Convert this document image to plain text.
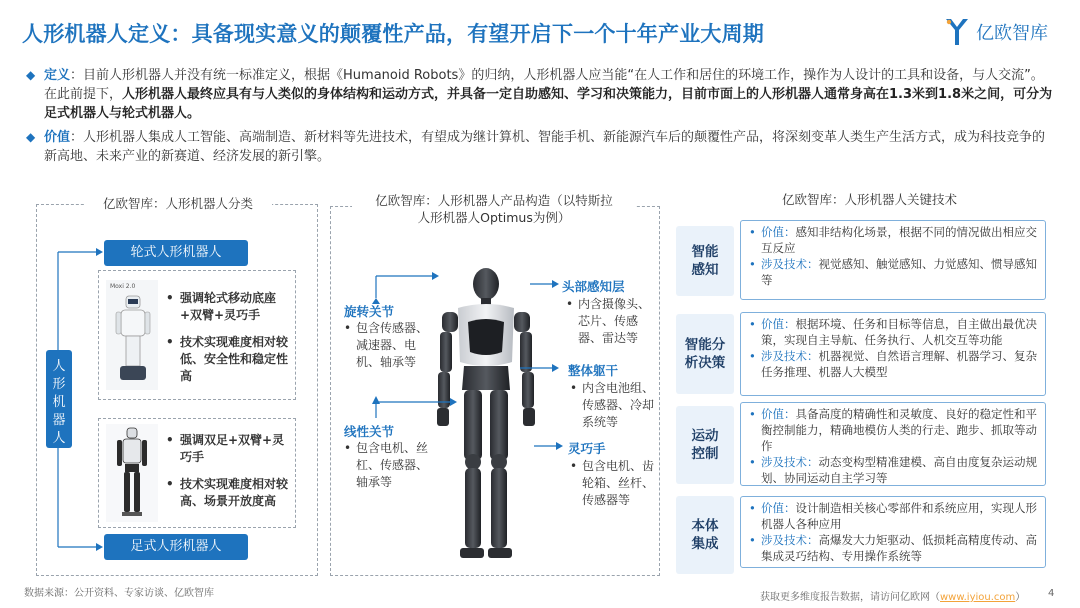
人形机器人定义：具备现实意义的颠覆性产品，有望开启下一个十年产业大周期	亿欧智库
◆ 定义：目前人形机器人并没有统一标准定义，根据《Humanoid Robots》的归纳，人形机器人应当能“在人工作和居住的环境工作，操作为人设计的工具和设备，与人交流”。在此前提下，人形机器人最终应具有与人类似的身体结构和运动方式，并具备一定自助感知、学习和决策能力，目前市面上的人形机器人通常身高在1.3米到1.8米之间，可分为足式机器人与轮式机器人。
◆ 价值：人形机器人集成人工智能、高端制造、新材料等先进技术，有望成为继计算机、智能手机、新能源汽车后的颠覆性产品，将深刻变革人类生产生活方式，成为科技竞争的新高地、未来产业的新赛道、经济发展的新引擎。
亿欧智库：人形机器人分类
人形机器人
轮式人形机器人
Moxi 2.0
• 强调轮式移动底座+双臂+灵巧手
• 技术实现难度相对较低、安全性和稳定性高
• 强调双足+双臂+灵巧手
• 技术实现难度相对较高、场景开放度高
足式人形机器人
亿欧智库：人形机器人产品构造（以特斯拉
人形机器人Optimus为例）
旋转关节
• 包含传感器、减速器、电机、轴承等
线性关节
• 包含电机、丝杠、传感器、轴承等
头部感知层
• 内含摄像头、芯片、传感器、雷达等
整体躯干
• 内含电池组、传感器、冷却系统等
灵巧手
• 包含电机、齿轮箱、丝杆、传感器等
亿欧智库：人形机器人关键技术
智能感知
• 价值：感知非结构化场景，根据不同的情况做出相应交互反应
• 涉及技术：视觉感知、触觉感知、力觉感知、惯导感知等
智能分析决策
• 价值：根据环境、任务和目标等信息，自主做出最优决策，实现自主导航、任务执行、人机交互等功能
• 涉及技术：机器视觉、自然语言理解、机器学习、复杂任务推理、机器人大模型
运动控制
• 价值：具备高度的精确性和灵敏度、良好的稳定性和平衡控制能力，精确地模仿人类的行走、跑步、抓取等动作
• 涉及技术：动态变构型精准建模、高自由度复杂运动规划、协同运动自主学习等
本体集成
• 价值：设计制造相关核心零部件和系统应用，实现人形机器人各种应用
• 涉及技术：高爆发大力矩驱动、低损耗高精度传动、高集成灵巧结构、专用操作系统等
数据来源：公开资料、专家访谈、亿欧智库	获取更多维度报告数据，请访问亿欧网（www.iyiou.com） 4
